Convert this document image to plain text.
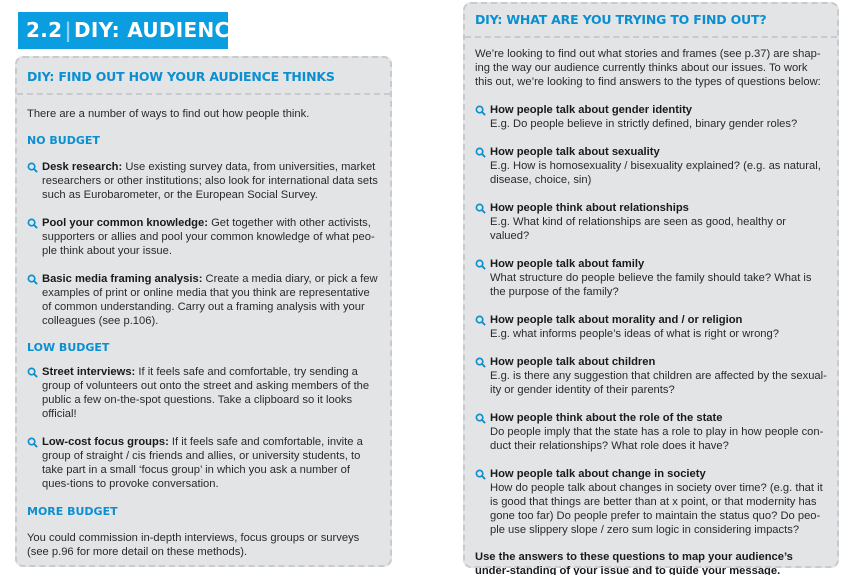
2.2 | DIY: AUDIENCE
DIY: FIND OUT HOW YOUR AUDIENCE THINKS
There are a number of ways to find out how people think.
NO BUDGET
Desk research: Use existing survey data, from universities, market researchers or other institutions; also look for international data sets such as Eurobarometer, or the European Social Survey.
Pool your common knowledge: Get together with other activists, supporters or allies and pool your common knowledge of what peo-ple think about your issue.
Basic media framing analysis: Create a media diary, or pick a few examples of print or online media that you think are representative of common understanding. Carry out a framing analysis with your colleagues (see p.106).
LOW BUDGET
Street interviews: If it feels safe and comfortable, try sending a group of volunteers out onto the street and asking members of the public a few on-the-spot questions. Take a clipboard so it looks official!
Low-cost focus groups: If it feels safe and comfortable, invite a group of straight / cis friends and allies, or university students, to take part in a small ‘focus group’ in which you ask a number of ques-tions to provoke conversation.
MORE BUDGET
You could commission in-depth interviews, focus groups or surveys (see p.96 for more detail on these methods).
DIY: WHAT ARE YOU TRYING TO FIND OUT?
We’re looking to find out what stories and frames (see p.37) are shap-ing the way our audience currently thinks about our issues. To work this out, we’re looking to find answers to the types of questions below:
How people talk about gender identity
E.g. Do people believe in strictly defined, binary gender roles?
How people talk about sexuality
E.g. How is homosexuality / bisexuality explained? (e.g. as natural, disease, choice, sin)
How people think about relationships
E.g. What kind of relationships are seen as good, healthy or valued?
How people talk about family
What structure do people believe the family should take? What is the purpose of the family?
How people talk about morality and / or religion
E.g. what informs people’s ideas of what is right or wrong?
How people talk about children
E.g. is there any suggestion that children are affected by the sexual-ity or gender identity of their parents?
How people think about the role of the state
Do people imply that the state has a role to play in how people con-duct their relationships? What role does it have?
How people talk about change in society
How do people talk about changes in society over time? (e.g. that it is good that things are better than at x point, or that modernity has gone too far) Do people prefer to maintain the status quo? Do peo-ple use slippery slope / zero sum logic in considering impacts?
Use the answers to these questions to map your audience’s under-standing of your issue and to guide your message.
